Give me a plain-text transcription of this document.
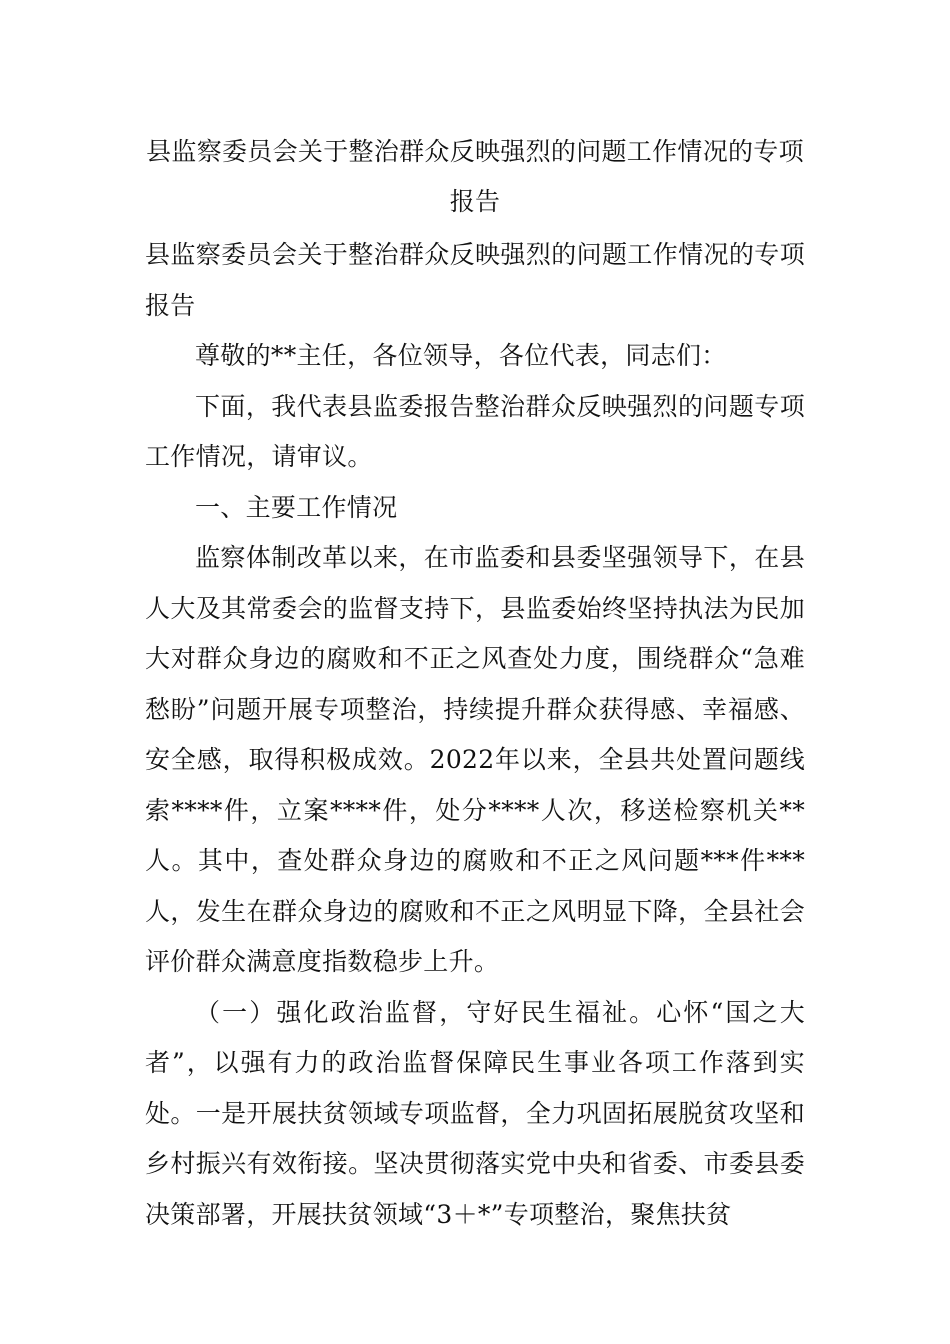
县监察委员会关于整治群众反映强烈的问题工作情况的专项报告

县监察委员会关于整治群众反映强烈的问题工作情况的专项报告

尊敬的**主任，各位领导，各位代表，同志们：

下面，我代表县监委报告整治群众反映强烈的问题专项工作情况，请审议。

一、主要工作情况

监察体制改革以来，在市监委和县委坚强领导下，在县人大及其常委会的监督支持下，县监委始终坚持执法为民加大对群众身边的腐败和不正之风查处力度，围绕群众“急难愁盼”问题开展专项整治，持续提升群众获得感、幸福感、安全感，取得积极成效。2022年以来，全县共处置问题线索****件，立案****件，处分****人次，移送检察机关**人。其中，查处群众身边的腐败和不正之风问题***件***人，发生在群众身边的腐败和不正之风明显下降，全县社会评价群众满意度指数稳步上升。

（一）强化政治监督，守好民生福祉。心怀“国之大者”，以强有力的政治监督保障民生事业各项工作落到实处。一是开展扶贫领域专项监督，全力巩固拓展脱贫攻坚和乡村振兴有效衔接。坚决贯彻落实党中央和省委、市委县委决策部署，开展扶贫领域“3＋*”专项整治，聚焦扶贫
